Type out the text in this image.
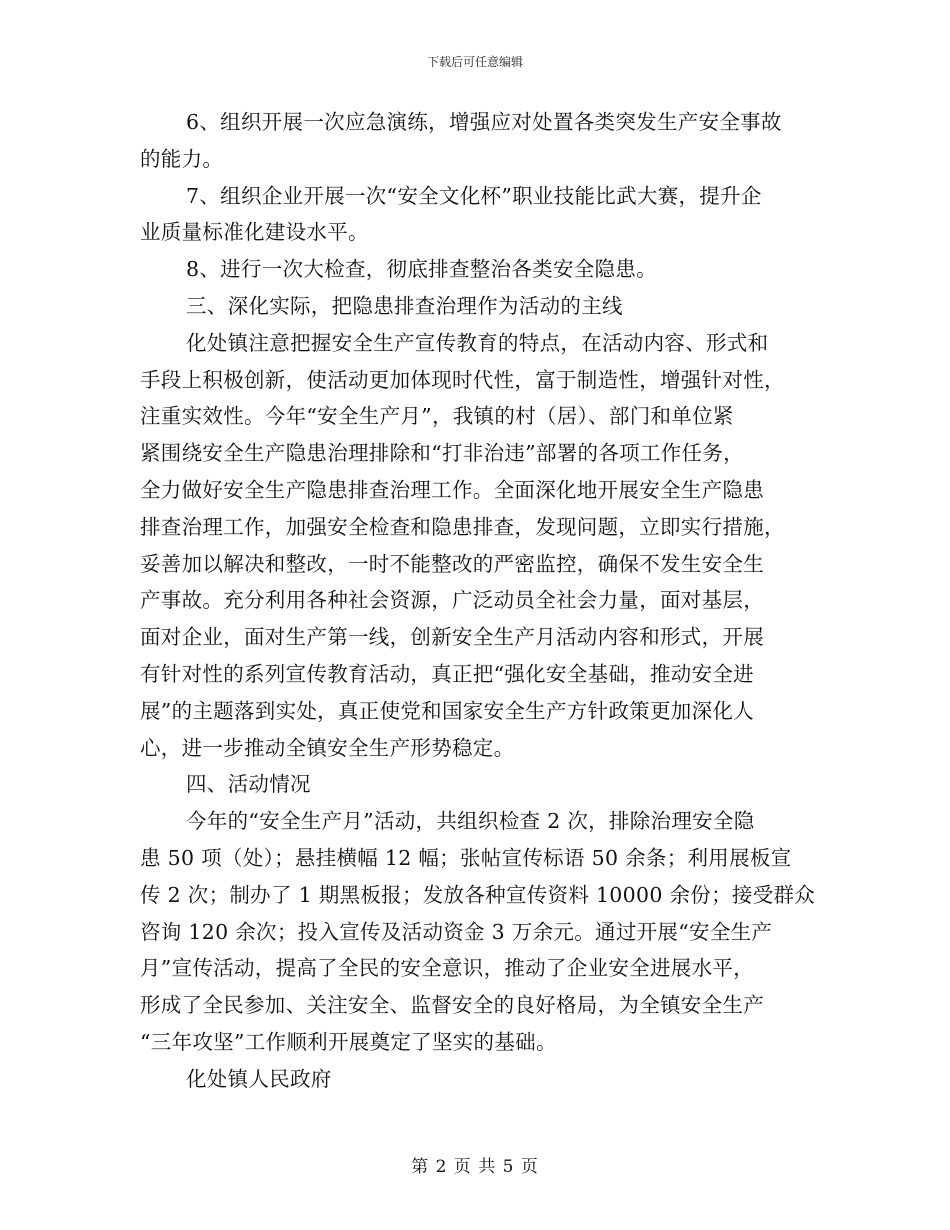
下载后可任意编辑
6、组织开展一次应急演练，增强应对处置各类突发生产安全事故
的能力。
7、组织企业开展一次“安全文化杯”职业技能比武大赛，提升企
业质量标准化建设水平。
8、进行一次大检查，彻底排查整治各类安全隐患。
三、深化实际，把隐患排查治理作为活动的主线
化处镇注意把握安全生产宣传教育的特点，在活动内容、形式和
手段上积极创新，使活动更加体现时代性，富于制造性，增强针对性，
注重实效性。今年“安全生产月”，我镇的村（居）、部门和单位紧
紧围绕安全生产隐患治理排除和“打非治违”部署的各项工作任务，
全力做好安全生产隐患排查治理工作。全面深化地开展安全生产隐患
排查治理工作，加强安全检查和隐患排查，发现问题，立即实行措施，
妥善加以解决和整改，一时不能整改的严密监控，确保不发生安全生
产事故。充分利用各种社会资源，广泛动员全社会力量，面对基层，
面对企业，面对生产第一线，创新安全生产月活动内容和形式，开展
有针对性的系列宣传教育活动，真正把“强化安全基础，推动安全进
展”的主题落到实处，真正使党和国家安全生产方针政策更加深化人
心，进一步推动全镇安全生产形势稳定。
四、活动情况
今年的“安全生产月”活动，共组织检查 2 次，排除治理安全隐
患 50 项（处）；悬挂横幅 12 幅；张帖宣传标语 50 余条；利用展板宣
传 2 次；制办了 1 期黑板报；发放各种宣传资料 10000 余份；接受群众
咨询 120 余次；投入宣传及活动资金 3 万余元。通过开展“安全生产
月”宣传活动，提高了全民的安全意识，推动了企业安全进展水平，
形成了全民参加、关注安全、监督安全的良好格局，为全镇安全生产
“三年攻坚”工作顺利开展奠定了坚实的基础。
化处镇人民政府
第 2 页 共 5 页
